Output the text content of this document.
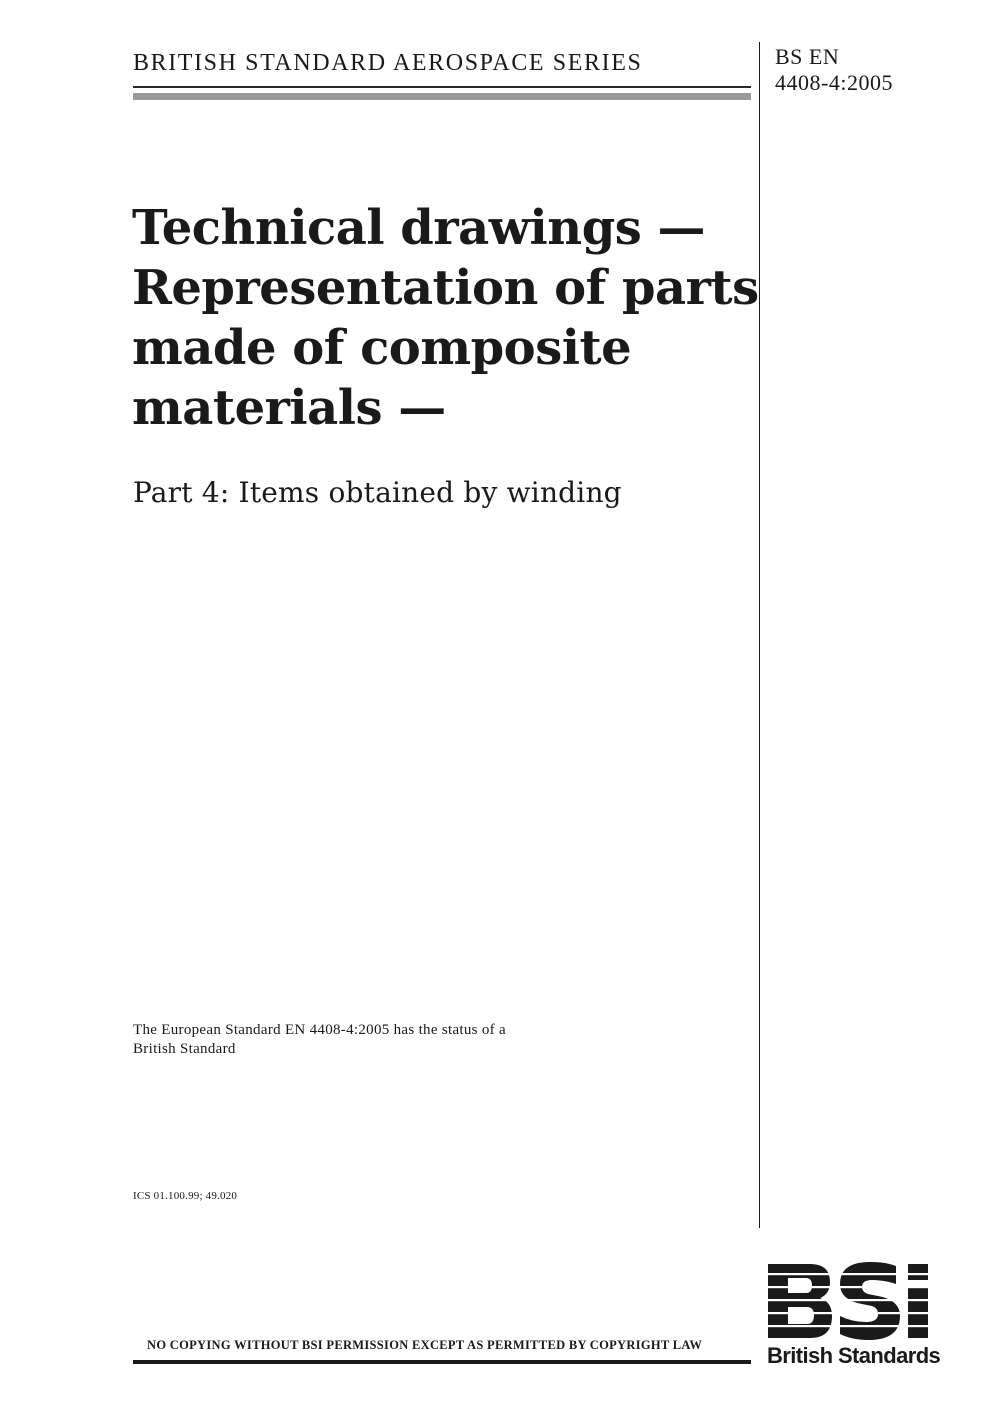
BRITISH STANDARD AEROSPACE SERIES	BS EN
4408-4:2005
Technical drawings —
Representation of parts
made of composite
materials —
Part 4: Items obtained by winding
The European Standard EN 4408-4:2005 has the status of a
British Standard
ICS 01.100.99; 49.020
NO COPYING WITHOUT BSI PERMISSION EXCEPT AS PERMITTED BY COPYRIGHT LAW	British Standards
